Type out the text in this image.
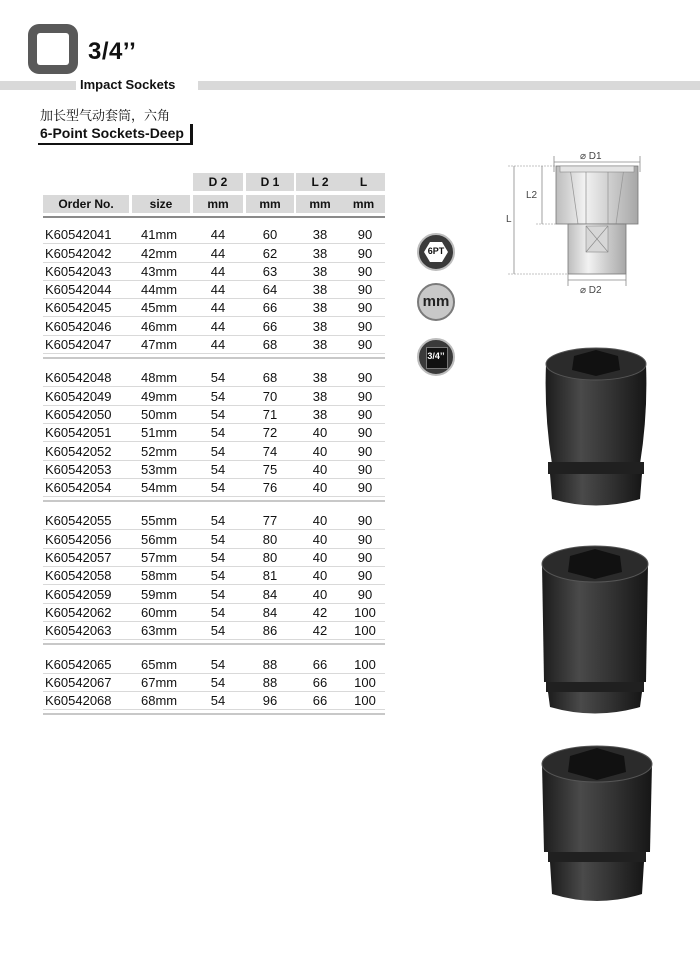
3/4’’
Impact Sockets
加长型气动套筒，六角
6-Point Sockets-Deep
D 2	D 1	L 2	L
Order No.	size	mm	mm	mm	mm
K60542041 41mm	44	60	38	90
K60542042 42mm	44	62	38	90
K60542043 43mm	44	63	38	90
K60542044 44mm	44	64	38	90
K60542045 45mm	44	66	38	90
K60542046 46mm	44	66	38	90
K60542047 47mm	44	68	38	90
K60542048 48mm	54	68	38	90
K60542049 49mm	54	70	38	90
K60542050 50mm	54	71	38	90
K60542051 51mm	54	72	40	90
K60542052 52mm	54	74	40	90
K60542053 53mm	54	75	40	90
K60542054 54mm	54	76	40	90
K60542055 55mm	54	77	40	90
K60542056 56mm	54	80	40	90
K60542057 57mm	54	80	40	90
K60542058 58mm	54	81	40	90
K60542059 59mm	54	84	40	90
K60542062 60mm	54	84	42	100
K60542063 63mm	54	86	42	100
K60542065 65mm	54	88	66	100
K60542067 67mm	54	88	66	100
K60542068 68mm	54	96	66	100
6PT
mm
3/4’’
⌀ D1
L
L2
⌀ D2
